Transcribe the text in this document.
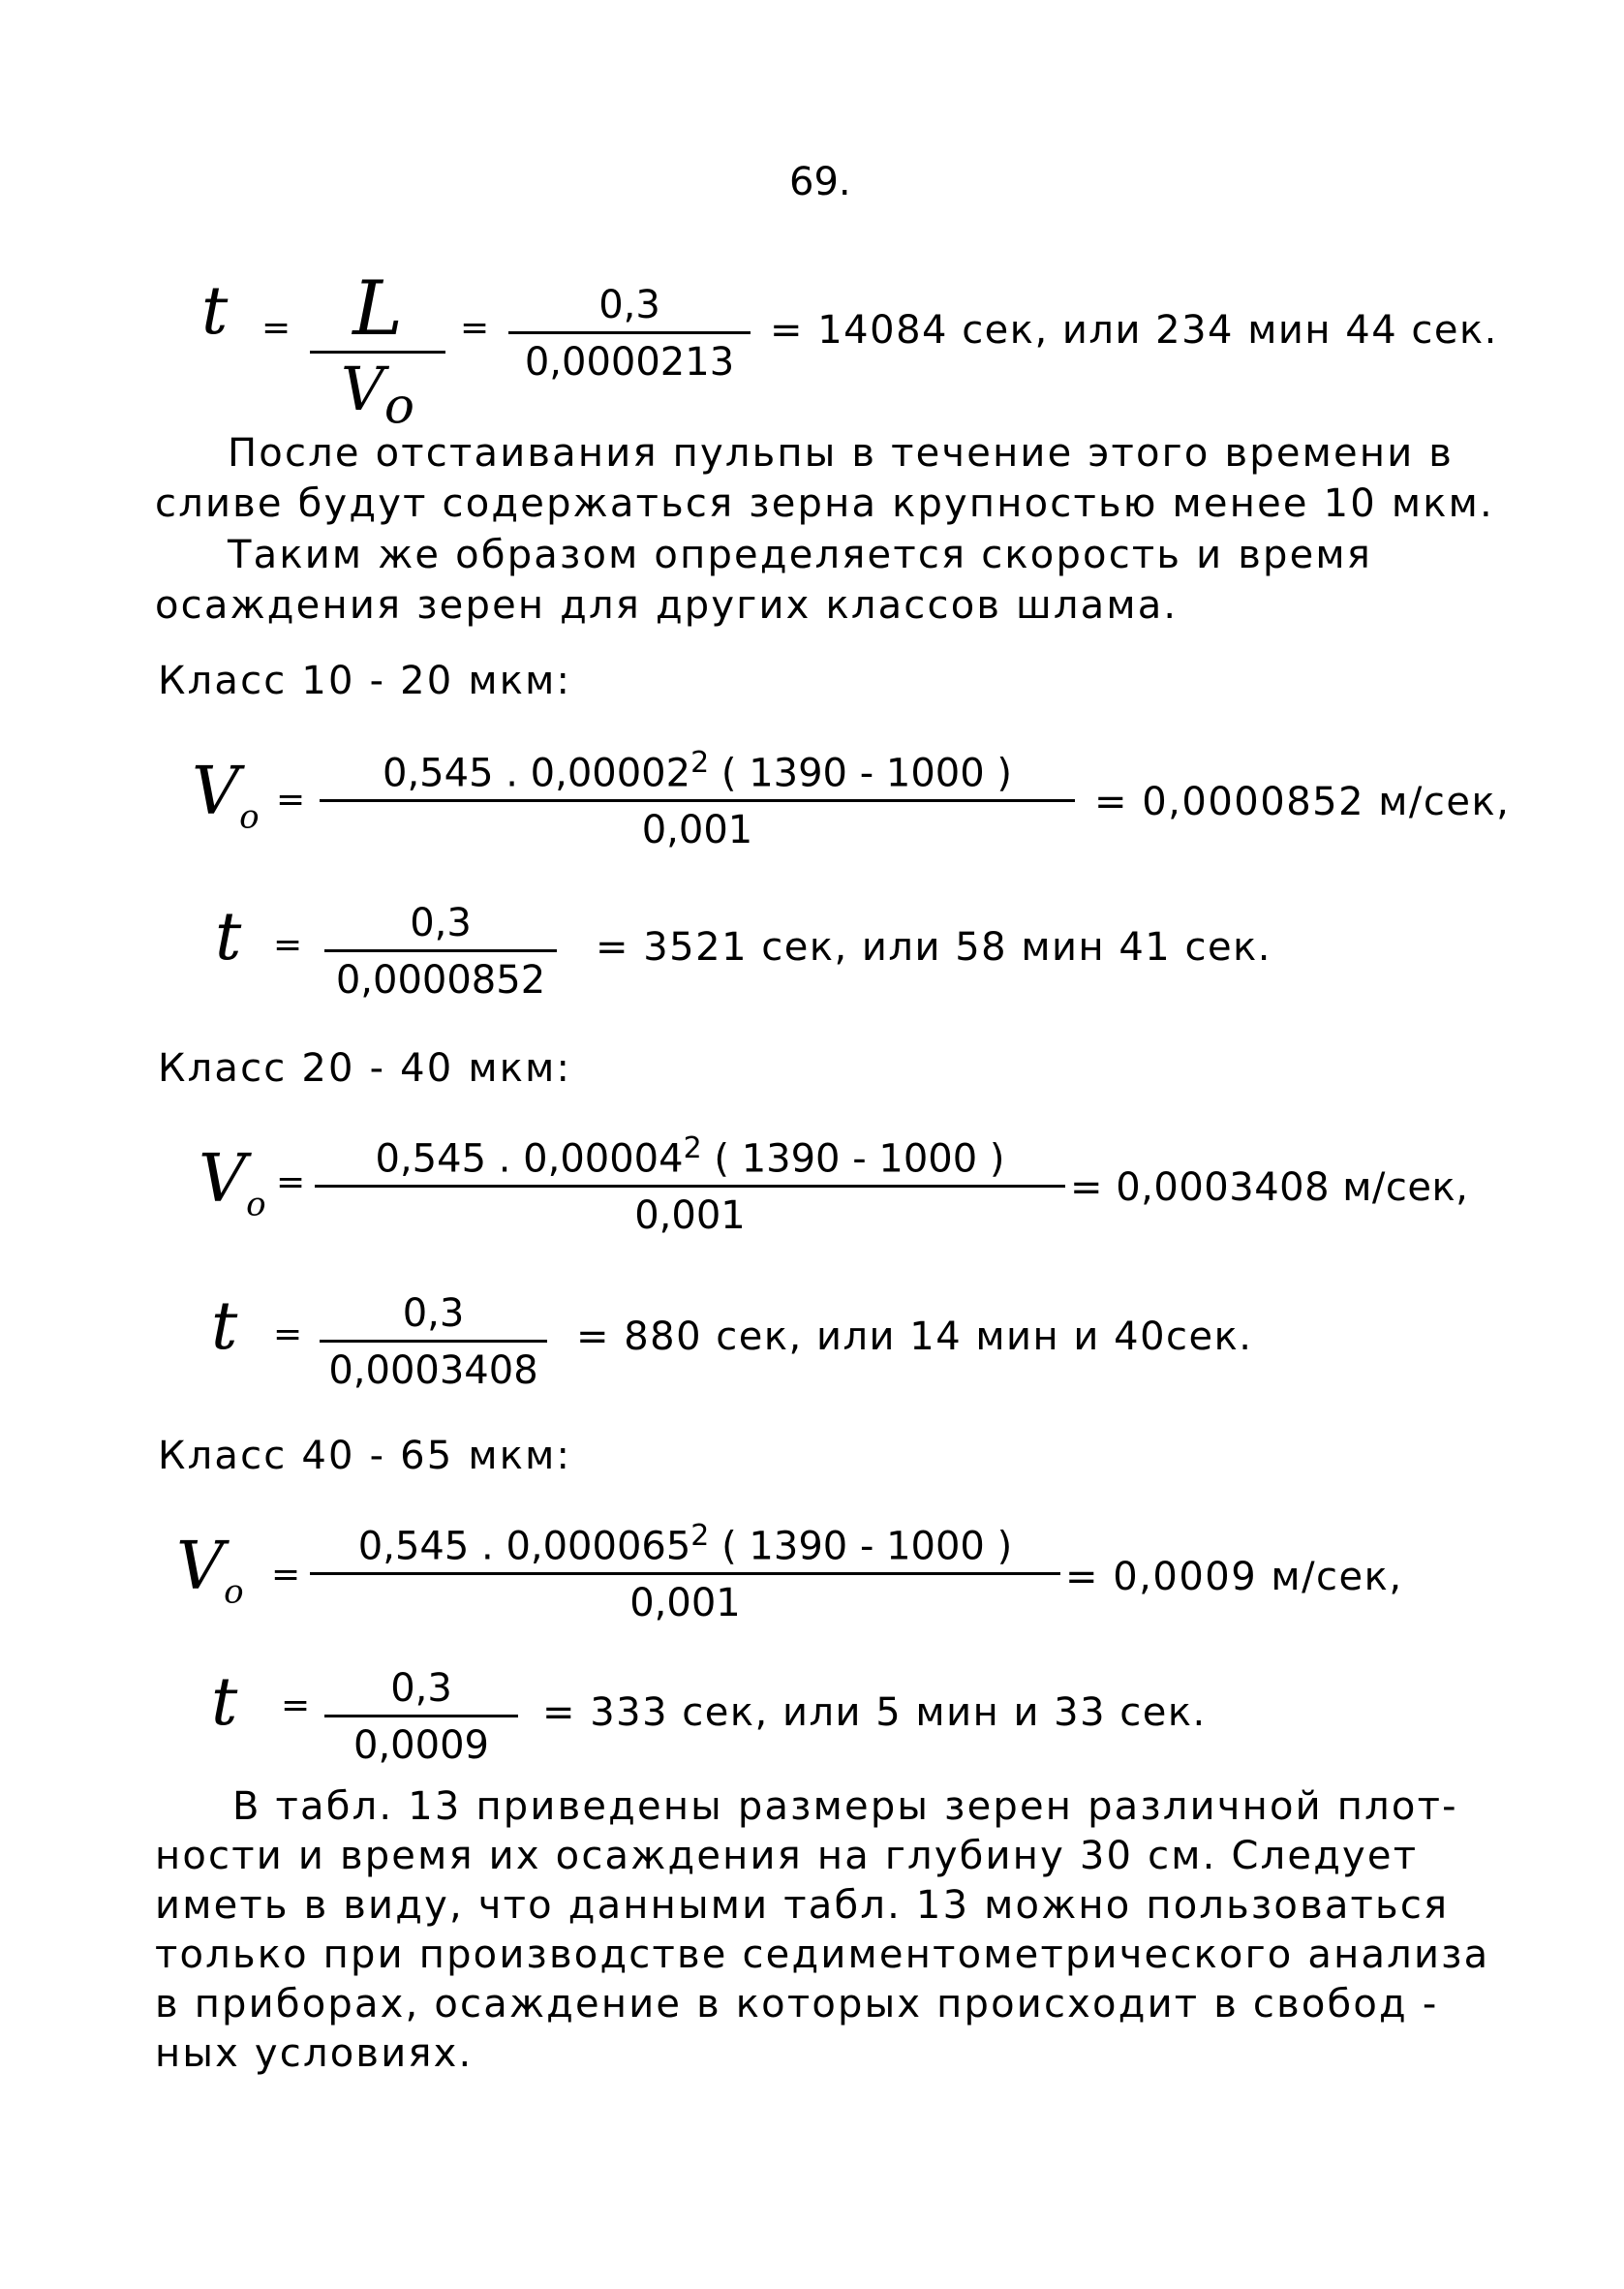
69.
t = L
$V_o$
=
0,3
0,0000213
= 14084 сек, или 234 мин 44 сек.
После отстаивания пульпы в течение этого времени в
сливе будут содержаться зерна крупностью менее 10 мкм.
Таким же образом определяется скорость и время
осаждения зерен для других классов шлама.
Класс 10 - 20 мкм:
$V_o$ =
0,545 . 0,00002$^2$ ( 1390 - 1000 )
0,001
= 0,0000852 м/сек,
t =	0,3
0,0000852
= 3521 сек, или 58 мин 41 сек.
Класс 20 - 40 мкм:
$V_o$
=
0,545 . 0,00004$^2$ ( 1390 - 1000 )
0,001
= 0,0003408 м/сек,
t =	0,3
0,0003408
= 880 сек, или 14 мин и 40сек.
Класс 40 - 65 мкм:
$V_o$ =
0,545 . 0,000065$^2$ ( 1390 - 1000 )
0,001
= 0,0009 м/сек,
t =	0,3
0,0009
= 333 сек, или 5 мин и 33 сек.
В табл. 13 приведены размеры зерен различной плот-
ности и время их осаждения на глубину 30 см. Следует
иметь в виду, что данными табл. 13 можно пользоваться
только при производстве седиментометрического анализа
в приборах, осаждение в которых происходит в свобод -
ных условиях.
